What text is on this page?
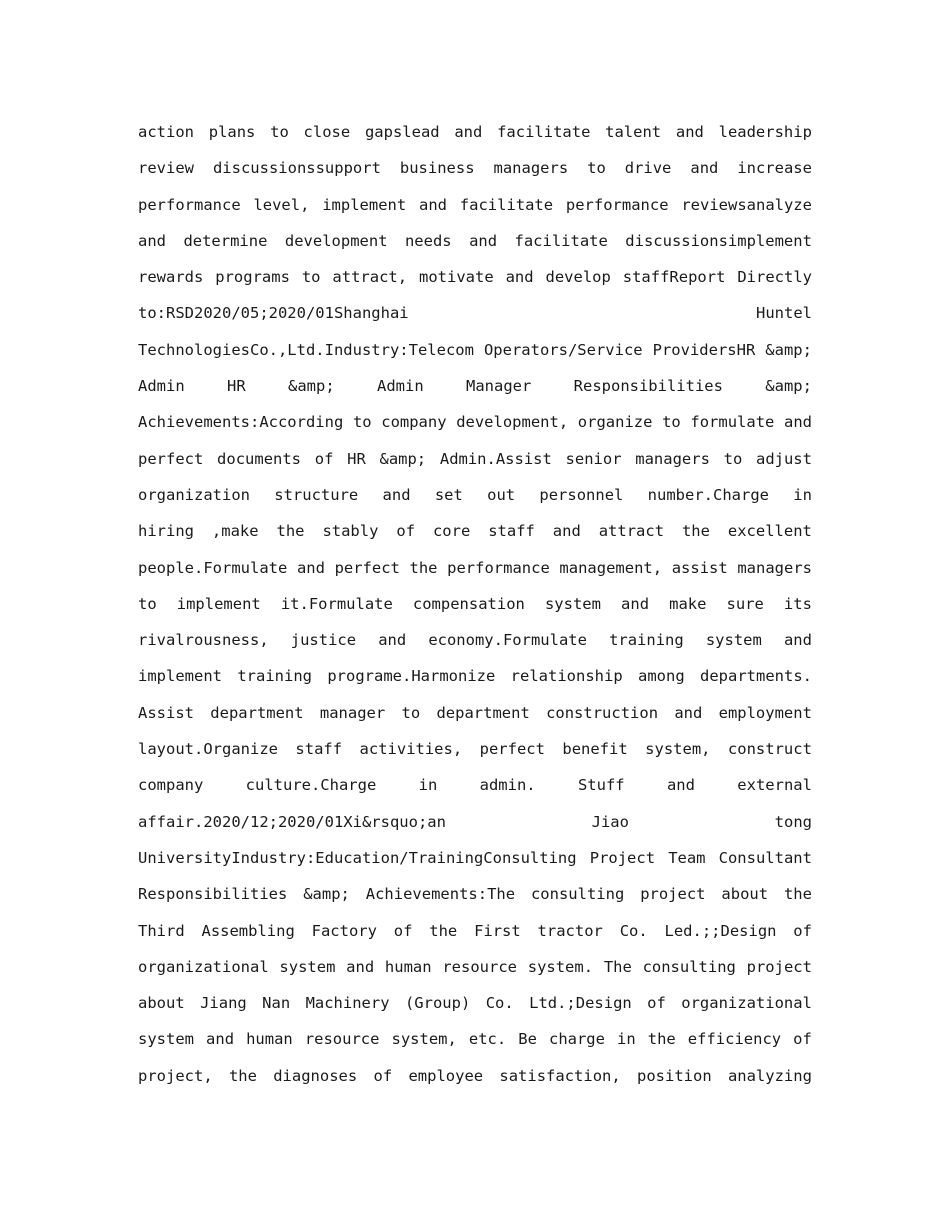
action plans to close gapslead and facilitate talent and leadership
review discussionssupport business managers to drive and increase
performance level, implement and facilitate performance reviewsanalyze
and determine development needs and facilitate discussionsimplement
rewards programs to attract, motivate and develop staffReport Directly
to:RSD2020/05;2020/01Shanghai	Huntel
TechnologiesCo.,Ltd.Industry:Telecom Operators/Service ProvidersHR &amp;
Admin	HR	&amp;	Admin	Manager	Responsibilities	&amp;
Achievements:According to company development, organize to formulate and
perfect documents of HR &amp; Admin.Assist senior managers to adjust
organization structure and set out personnel number.Charge in
hiring ,make the stably of core staff and attract the excellent
people.Formulate and perfect the performance management, assist managers
to implement it.Formulate compensation system and make sure its
rivalrousness, justice and economy.Formulate training system and
implement training programe.Harmonize relationship among departments.
Assist department manager to department construction and employment
layout.Organize staff activities, perfect benefit system, construct
company	culture.Charge	in	admin.	Stuff	and	external
affair.2020/12;2020/01Xi&rsquo;an	Jiao	tong
UniversityIndustry:Education/TrainingConsulting Project Team Consultant
Responsibilities &amp; Achievements:The consulting project about the
Third Assembling Factory of the First tractor Co. Led.;;Design of
organizational system and human resource system. The consulting project
about Jiang Nan Machinery (Group) Co. Ltd.;Design of organizational
system and human resource system, etc. Be charge in the efficiency of
project, the diagnoses of employee satisfaction, position analyzing
